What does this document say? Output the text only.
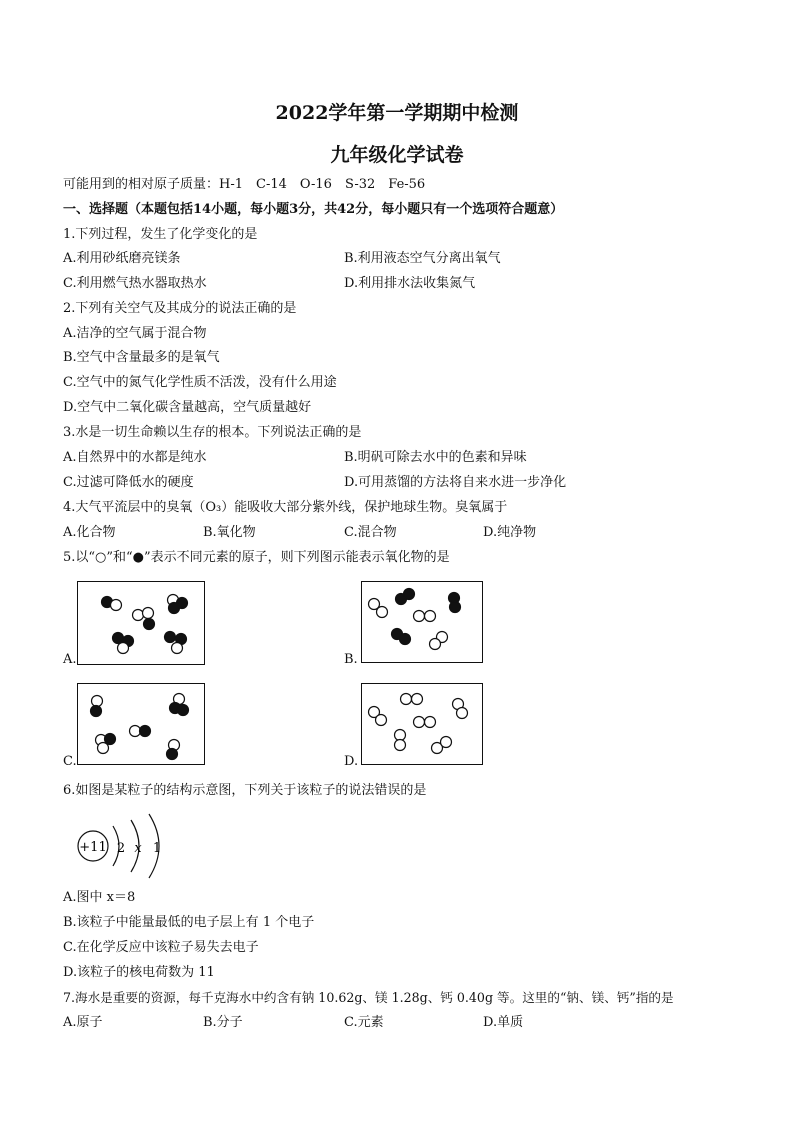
2022学年第一学期期中检测
九年级化学试卷
可能用到的相对原子质量：H-1　C-14　O-16　S-32　Fe-56
一、选择题（本题包括14小题，每小题3分，共42分，每小题只有一个选项符合题意）
1.下列过程，发生了化学变化的是
A.利用砂纸磨亮镁条	B.利用液态空气分离出氧气
C.利用燃气热水器取热水	D.利用排水法收集氮气
2.下列有关空气及其成分的说法正确的是
A.洁净的空气属于混合物
B.空气中含量最多的是氧气
C.空气中的氮气化学性质不活泼，没有什么用途
D.空气中二氧化碳含量越高，空气质量越好
3.水是一切生命赖以生存的根本。下列说法正确的是
A.自然界中的水都是纯水	B.明矾可除去水中的色素和异味
C.过滤可降低水的硬度	D.可用蒸馏的方法将自来水进一步净化
4.大气平流层中的臭氧（O₃）能吸收大部分紫外线，保护地球生物。臭氧属于
A.化合物	B.氧化物	C.混合物	D.纯净物
5.以“○”和“●”表示不同元素的原子，则下列图示能表示氧化物的是
A.	B.
C.	D.
6.如图是某粒子的结构示意图，下列关于该粒子的说法错误的是
+11 2 x 1
A.图中 x＝8
B.该粒子中能量最低的电子层上有 1 个电子
C.在化学反应中该粒子易失去电子
D.该粒子的核电荷数为 11
7.海水是重要的资源，每千克海水中约含有钠 10.62g、镁 1.28g、钙 0.40g 等。这里的“钠、镁、钙”指的是
A.原子	B.分子	C.元素	D.单质
